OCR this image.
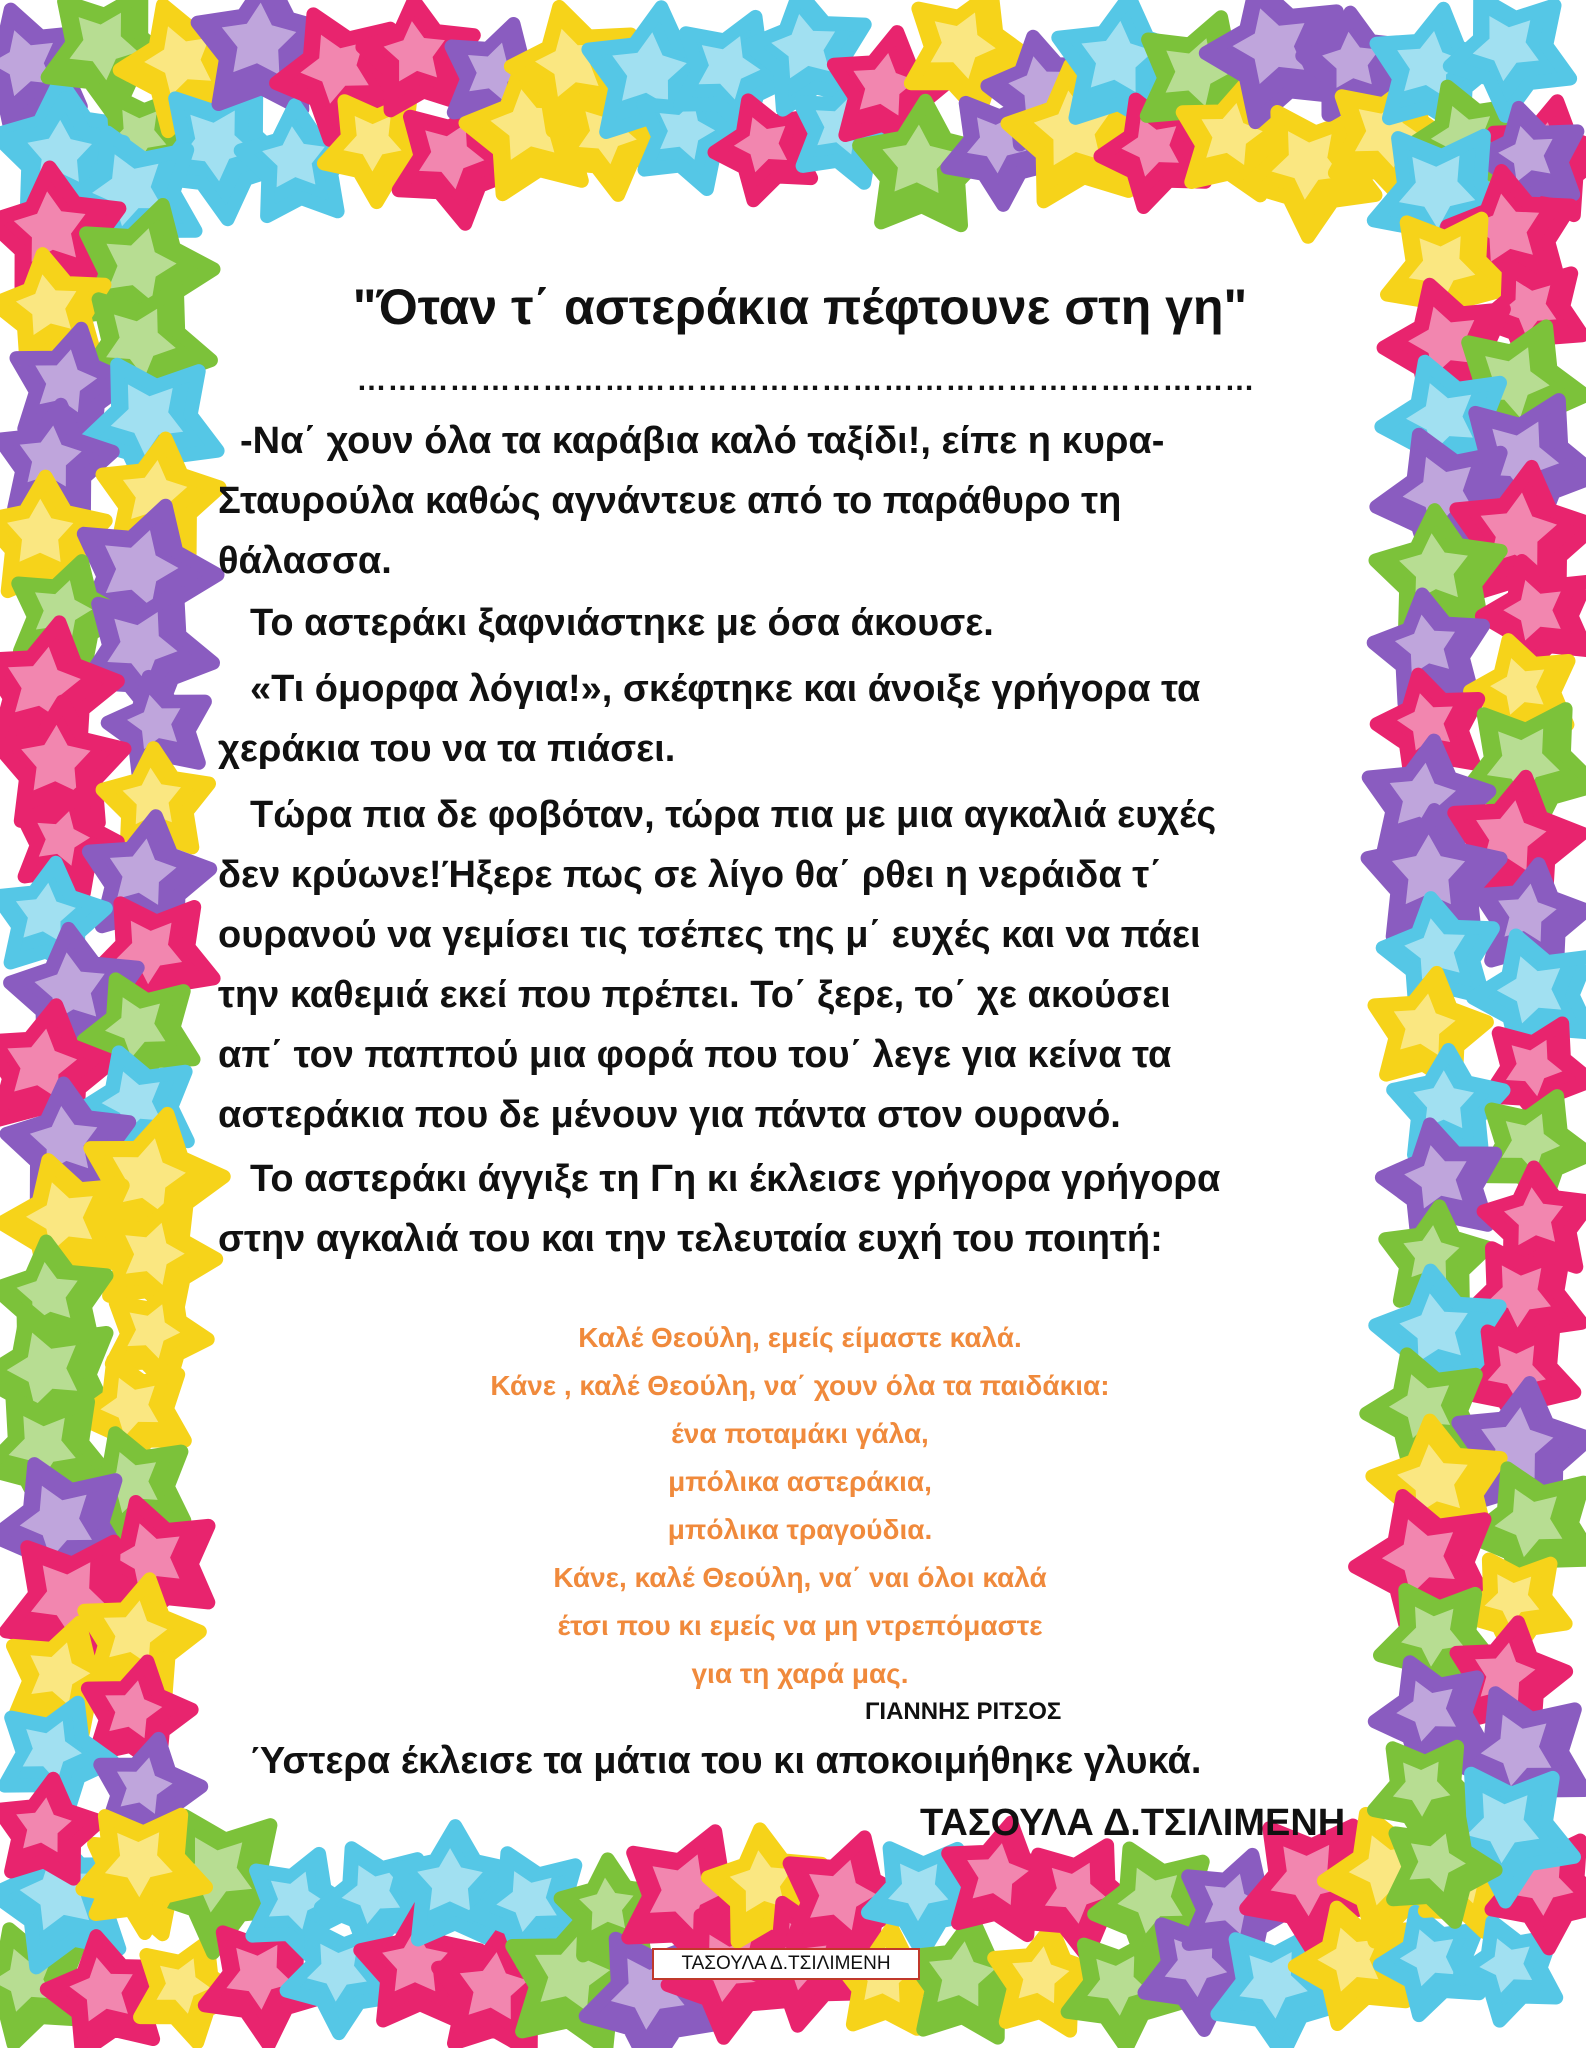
"Όταν τ΄ αστεράκια πέφτουνε στη γη"
……………………………………………………………………………
-Να΄ χουν όλα τα καράβια καλό ταξίδι!, είπε η κυρα-
Σταυρούλα καθώς αγνάντευε από το παράθυρο τη
θάλασσα.
Το αστεράκι ξαφνιάστηκε με όσα άκουσε.
«Τι όμορφα λόγια!», σκέφτηκε και άνοιξε γρήγορα τα
χεράκια του να τα πιάσει.
Τώρα πια δε φοβόταν, τώρα πια με μια αγκαλιά ευχές
δεν κρύωνε!Ήξερε πως σε λίγο θα΄ ρθει η νεράιδα τ΄
ουρανού να γεμίσει τις τσέπες της μ΄ ευχές και να πάει
την καθεμιά εκεί που πρέπει. Το΄ ξερε, το΄ χε ακούσει
απ΄ τον παππού μια φορά που του΄ λεγε για κείνα τα
αστεράκια που δε μένουν για πάντα στον ουρανό.
Το αστεράκι άγγιξε τη Γη κι έκλεισε γρήγορα γρήγορα
στην αγκαλιά του και την τελευταία ευχή του ποιητή:
Καλέ Θεούλη, εμείς είμαστε καλά.
Κάνε , καλέ Θεούλη, να΄ χουν όλα τα παιδάκια:
ένα ποταμάκι γάλα,
μπόλικα αστεράκια,
μπόλικα τραγούδια.
Κάνε, καλέ Θεούλη, να΄ ναι όλοι καλά
έτσι που κι εμείς να μη ντρεπόμαστε
για τη χαρά μας.
ΓΙΑΝΝΗΣ ΡΙΤΣΟΣ
Ύστερα έκλεισε τα μάτια του κι αποκοιμήθηκε γλυκά.
ΤΑΣΟΥΛΑ Δ.ΤΣΙΛΙΜΕΝΗ
ΤΑΣΟΥΛΑ Δ.ΤΣΙΛΙΜΕΝΗ
